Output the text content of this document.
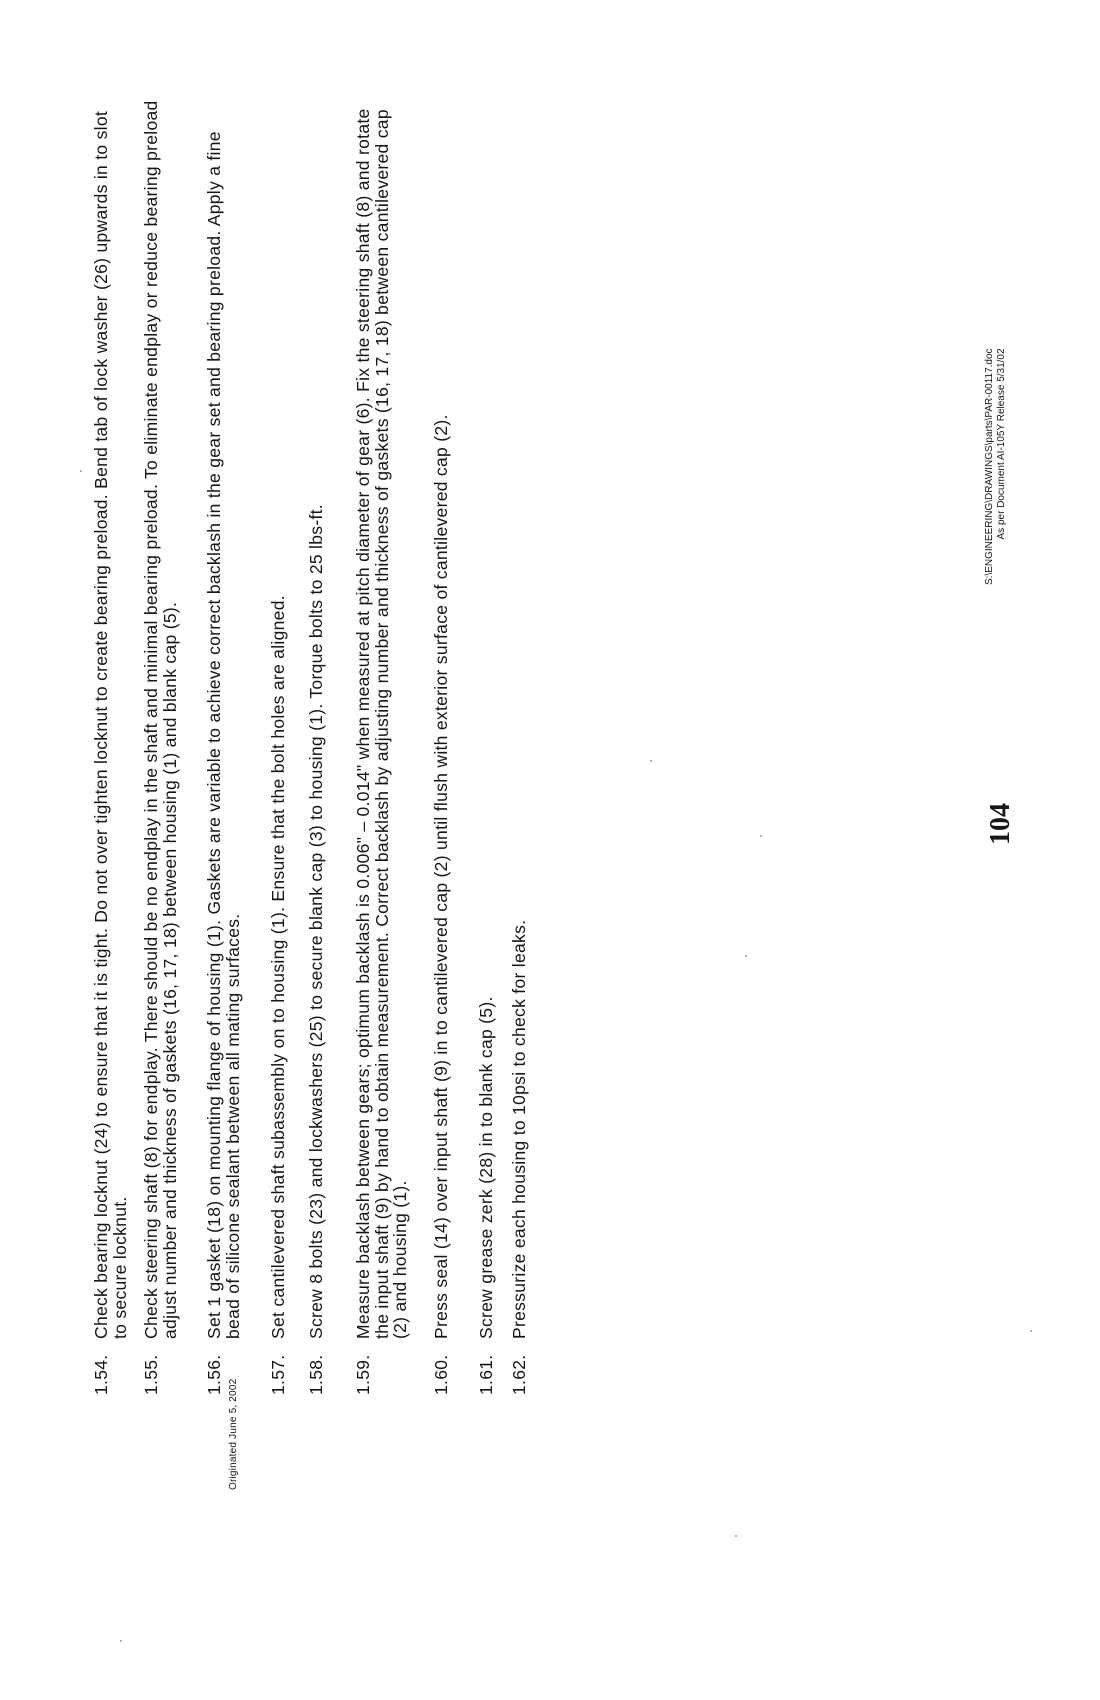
1.54.
Check bearing locknut (24) to ensure that it is tight. Do not over tighten locknut to create bearing preload. Bend tab of lock washer (26) upwards in to slot to secure locknut.
1.55.
Check steering shaft (8) for endplay. There should be no endplay in the shaft and minimal bearing preload. To eliminate endplay or reduce bearing preload adjust number and thickness of gaskets (16, 17, 18) between housing (1) and blank cap (5).
1.56.
Set 1 gasket (18) on mounting flange of housing (1). Gaskets are variable to achieve correct backlash in the gear set and bearing preload. Apply a fine bead of silicone sealant between all mating surfaces.
1.57.
Set cantilevered shaft subassembly on to housing (1). Ensure that the bolt holes are aligned.
1.58.
Screw 8 bolts (23) and lockwashers (25) to secure blank cap (3) to housing (1). Torque bolts to 25 lbs-ft.
1.59.
Measure backlash between gears; optimum backlash is 0.006" – 0.014" when measured at pitch diameter of gear (6). Fix the steering shaft (8) and rotate the input shaft (9) by hand to obtain measurement. Correct backlash by adjusting number and thickness of gaskets (16, 17, 18) between cantilevered cap (2) and housing (1).
1.60.
Press seal (14) over input shaft (9) in to cantilevered cap (2) until flush with exterior surface of cantilevered cap (2).
1.61.
Screw grease zerk (28) in to blank cap (5).
1.62.
Pressurize each housing to 10psi to check for leaks.
Originated June 5, 2002
104
S:\ENGINEERING\DRAWINGS\parts\PAR-00117.doc As per Document AI-105Y Release 5/31/02
